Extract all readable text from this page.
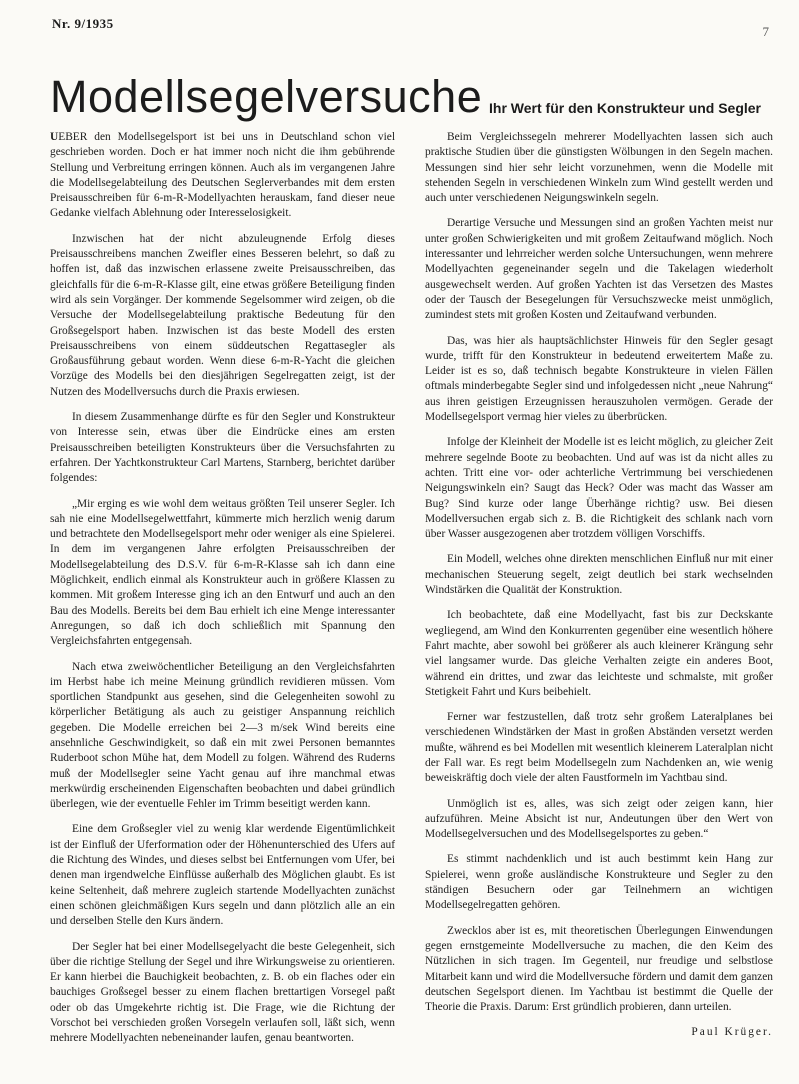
Nr. 9/1935
7
Modellsegelversuche Ihr Wert für den Konstrukteur und Segler

UEBER den Modellsegelsport ist bei uns in Deutschland schon viel geschrieben worden. Doch er hat immer noch nicht die ihm gebührende Stellung und Verbreitung erringen können. Auch als im vergangenen Jahre die Modellsegelabteilung des Deutschen Seglerverbandes mit dem ersten Preisausschreiben für 6-m-R-Modellyachten herauskam, fand dieser neue Gedanke vielfach Ablehnung oder Interesselosigkeit.

Inzwischen hat der nicht abzuleugnende Erfolg dieses Preisausschreibens manchen Zweifler eines Besseren belehrt, so daß zu hoffen ist, daß das inzwischen erlassene zweite Preisausschreiben, das gleichfalls für die 6-m-R-Klasse gilt, eine etwas größere Beteiligung finden wird als sein Vorgänger. Der kommende Segelsommer wird zeigen, ob die Versuche der Modellsegelabteilung praktische Bedeutung für den Großsegelsport haben. Inzwischen ist das beste Modell des ersten Preisausschreibens von einem süddeutschen Regattasegler als Großausführung gebaut worden. Wenn diese 6-m-R-Yacht die gleichen Vorzüge des Modells bei den diesjährigen Segelregatten zeigt, ist der Nutzen des Modellversuchs durch die Praxis erwiesen.

In diesem Zusammenhange dürfte es für den Segler und Konstrukteur von Interesse sein, etwas über die Eindrücke eines am ersten Preisausschreiben beteiligten Konstrukteurs über die Versuchsfahrten zu erfahren. Der Yachtkonstrukteur Carl Martens, Starnberg, berichtet darüber folgendes:

„Mir erging es wie wohl dem weitaus größten Teil unserer Segler. Ich sah nie eine Modellsegelwettfahrt, kümmerte mich herzlich wenig darum und betrachtete den Modellsegelsport mehr oder weniger als eine Spielerei. In dem im vergangenen Jahre erfolgten Preisausschreiben der Modellsegelabteilung des D.S.V. für 6-m-R-Klasse sah ich dann eine Möglichkeit, endlich einmal als Konstrukteur auch in größere Klassen zu kommen. Mit großem Interesse ging ich an den Entwurf und auch an den Bau des Modells. Bereits bei dem Bau erhielt ich eine Menge interessanter Anregungen, so daß ich doch schließlich mit Spannung den Vergleichsfahrten entgegensah.

Nach etwa zweiwöchentlicher Beteiligung an den Vergleichsfahrten im Herbst habe ich meine Meinung gründlich revidieren müssen. Vom sportlichen Standpunkt aus gesehen, sind die Gelegenheiten sowohl zu körperlicher Betätigung als auch zu geistiger Anspannung reichlich gegeben. Die Modelle erreichen bei 2—3 m/sek Wind bereits eine ansehnliche Geschwindigkeit, so daß ein mit zwei Personen bemanntes Ruderboot schon Mühe hat, dem Modell zu folgen. Während des Ruderns muß der Modellsegler seine Yacht genau auf ihre manchmal etwas merkwürdig erscheinenden Eigenschaften beobachten und dabei gründlich überlegen, wie der eventuelle Fehler im Trimm beseitigt werden kann.

Eine dem Großsegler viel zu wenig klar werdende Eigentümlichkeit ist der Einfluß der Uferformation oder der Höhenunterschied des Ufers auf die Richtung des Windes, und dieses selbst bei Entfernungen vom Ufer, bei denen man irgendwelche Einflüsse außerhalb des Möglichen glaubt. Es ist keine Seltenheit, daß mehrere zugleich startende Modellyachten zunächst einen schönen gleichmäßigen Kurs segeln und dann plötzlich alle an ein und derselben Stelle den Kurs ändern.

Der Segler hat bei einer Modellsegelyacht die beste Gelegenheit, sich über die richtige Stellung der Segel und ihre Wirkungsweise zu orientieren. Er kann hierbei die Bauchigkeit beobachten, z. B. ob ein flaches oder ein bauchiges Großsegel besser zu einem flachen brettartigen Vorsegel paßt oder ob das Umgekehrte richtig ist. Die Frage, wie die Richtung der Vorschot bei verschieden großen Vorsegeln verlaufen soll, läßt sich, wenn mehrere Modellyachten nebeneinander laufen, genau beantworten.

Beim Vergleichssegeln mehrerer Modellyachten lassen sich auch praktische Studien über die günstigsten Wölbungen in den Segeln machen. Messungen sind hier sehr leicht vorzunehmen, wenn die Modelle mit stehenden Segeln in verschiedenen Winkeln zum Wind gestellt werden und auch unter verschiedenen Neigungswinkeln segeln.

Derartige Versuche und Messungen sind an großen Yachten meist nur unter großen Schwierigkeiten und mit großem Zeitaufwand möglich. Noch interessanter und lehrreicher werden solche Untersuchungen, wenn mehrere Modellyachten gegeneinander segeln und die Takelagen wiederholt ausgewechselt werden. Auf großen Yachten ist das Versetzen des Mastes oder der Tausch der Besegelungen für Versuchszwecke meist unmöglich, zumindest stets mit großen Kosten und Zeitaufwand verbunden.

Das, was hier als hauptsächlichster Hinweis für den Segler gesagt wurde, trifft für den Konstrukteur in bedeutend erweitertem Maße zu. Leider ist es so, daß technisch begabte Konstrukteure in vielen Fällen oftmals minderbegabte Segler sind und infolgedessen nicht „neue Nahrung“ aus ihren geistigen Erzeugnissen herauszuholen vermögen. Gerade der Modellsegelsport vermag hier vieles zu überbrücken.

Infolge der Kleinheit der Modelle ist es leicht möglich, zu gleicher Zeit mehrere segelnde Boote zu beobachten. Und auf was ist da nicht alles zu achten. Tritt eine vor- oder achterliche Vertrimmung bei verschiedenen Neigungswinkeln ein? Saugt das Heck? Oder was macht das Wasser am Bug? Sind kurze oder lange Überhänge richtig? usw. Bei diesen Modellversuchen ergab sich z. B. die Richtigkeit des schlank nach vorn über Wasser ausgezogenen aber trotzdem völligen Vorschiffs.

Ein Modell, welches ohne direkten menschlichen Einfluß nur mit einer mechanischen Steuerung segelt, zeigt deutlich bei stark wechselnden Windstärken die Qualität der Konstruktion.

Ich beobachtete, daß eine Modellyacht, fast bis zur Deckskante wegliegend, am Wind den Konkurrenten gegenüber eine wesentlich höhere Fahrt machte, aber sowohl bei größerer als auch kleinerer Krängung sehr viel langsamer wurde. Das gleiche Verhalten zeigte ein anderes Boot, während ein drittes, und zwar das leichteste und schmalste, mit großer Stetigkeit Fahrt und Kurs beibehielt.

Ferner war festzustellen, daß trotz sehr großem Lateralplanes bei verschiedenen Windstärken der Mast in großen Abständen versetzt werden mußte, während es bei Modellen mit wesentlich kleinerem Lateralplan nicht der Fall war. Es regt beim Modellsegeln zum Nachdenken an, wie wenig beweiskräftig doch viele der alten Faustformeln im Yachtbau sind.

Unmöglich ist es, alles, was sich zeigt oder zeigen kann, hier aufzuführen. Meine Absicht ist nur, Andeutungen über den Wert von Modellsegelversuchen und des Modellsegelsportes zu geben.“

Es stimmt nachdenklich und ist auch bestimmt kein Hang zur Spielerei, wenn große ausländische Konstrukteure und Segler zu den ständigen Besuchern oder gar Teilnehmern an wichtigen Modellsegelregatten gehören.

Zwecklos aber ist es, mit theoretischen Überlegungen Einwendungen gegen ernstgemeinte Modellversuche zu machen, die den Keim des Nützlichen in sich tragen. Im Gegenteil, nur freudige und selbstlose Mitarbeit kann und wird die Modellversuche fördern und damit dem ganzen deutschen Segelsport dienen. Im Yachtbau ist bestimmt die Quelle der Theorie die Praxis. Darum: Erst gründlich probieren, dann urteilen.

Paul Krüger.
